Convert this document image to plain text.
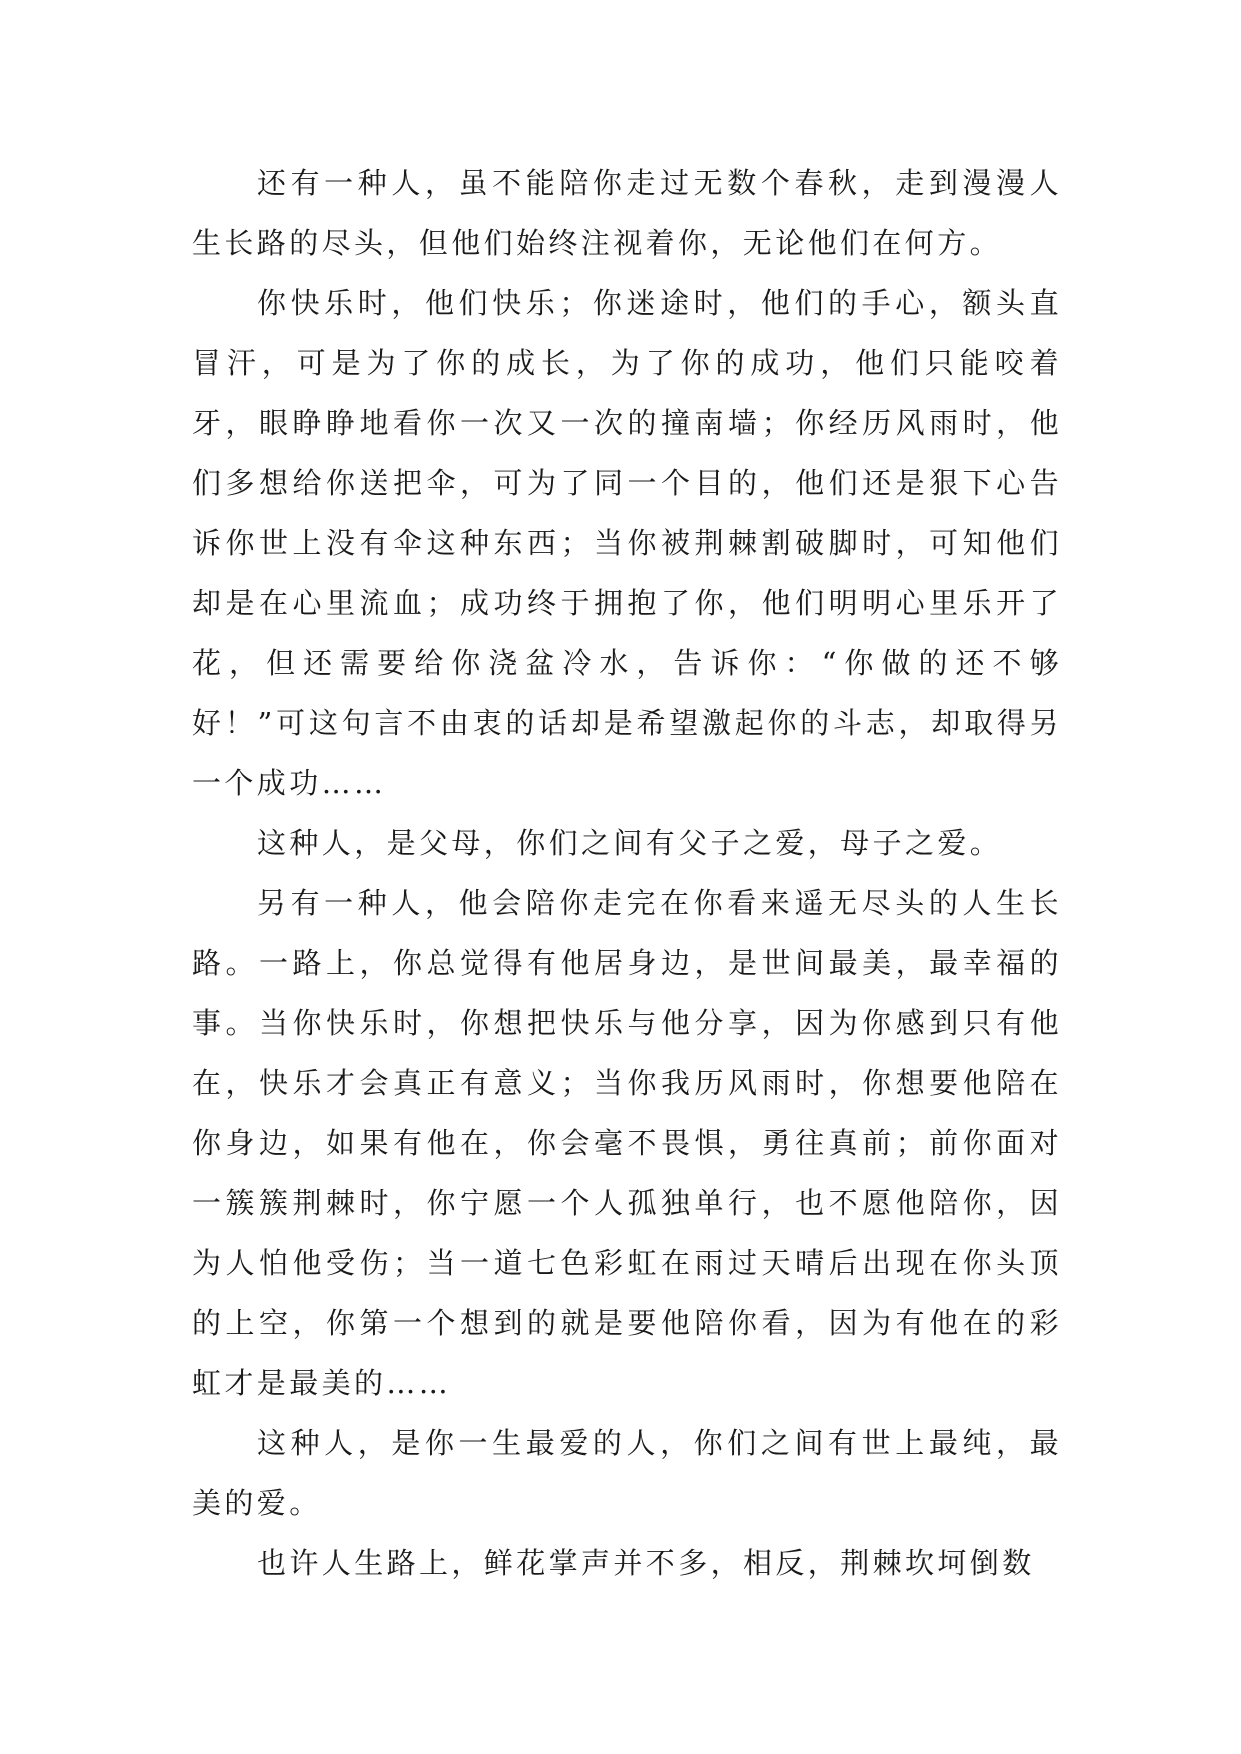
还有一种人，虽不能陪你走过无数个春秋，走到漫漫人生长路的尽头，但他们始终注视着你，无论他们在何方。

你快乐时，他们快乐；你迷途时，他们的手心，额头直冒汗，可是为了你的成长，为了你的成功，他们只能咬着牙，眼睁睁地看你一次又一次的撞南墙；你经历风雨时，他们多想给你送把伞，可为了同一个目的，他们还是狠下心告诉你世上没有伞这种东西；当你被荆棘割破脚时，可知他们却是在心里流血；成功终于拥抱了你，他们明明心里乐开了花，但还需要给你浇盆冷水，告诉你：“你做的还不够好！”可这句言不由衷的话却是希望激起你的斗志，却取得另一个成功……

这种人，是父母，你们之间有父子之爱，母子之爱。

另有一种人，他会陪你走完在你看来遥无尽头的人生长路。一路上，你总觉得有他居身边，是世间最美，最幸福的事。当你快乐时，你想把快乐与他分享，因为你感到只有他在，快乐才会真正有意义；当你我历风雨时，你想要他陪在你身边，如果有他在，你会毫不畏惧，勇往真前；前你面对一簇簇荆棘时，你宁愿一个人孤独单行，也不愿他陪你，因为人怕他受伤；当一道七色彩虹在雨过天晴后出现在你头顶的上空，你第一个想到的就是要他陪你看，因为有他在的彩虹才是最美的……

这种人，是你一生最爱的人，你们之间有世上最纯，最美的爱。

也许人生路上，鲜花掌声并不多，相反，荆棘坎坷倒数
